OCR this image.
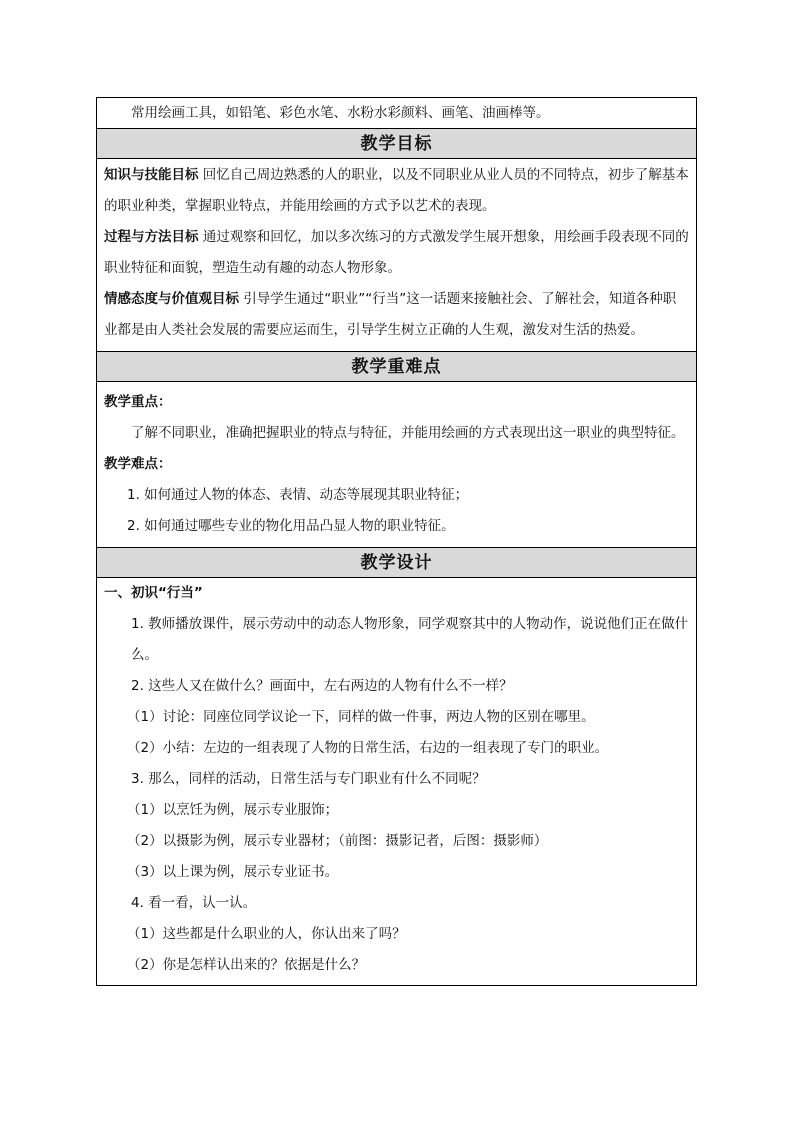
常用绘画工具，如铅笔、彩色水笔、水粉水彩颜料、画笔、油画棒等。
教学目标
知识与技能目标 回忆自己周边熟悉的人的职业，以及不同职业从业人员的不同特点，初步了解基本的职业种类，掌握职业特点，并能用绘画的方式予以艺术的表现。
过程与方法目标 通过观察和回忆，加以多次练习的方式激发学生展开想象，用绘画手段表现不同的职业特征和面貌，塑造生动有趣的动态人物形象。
情感态度与价值观目标 引导学生通过“职业”“行当”这一话题来接触社会、了解社会，知道各种职业都是由人类社会发展的需要应运而生，引导学生树立正确的人生观，激发对生活的热爱。
教学重难点
教学重点：
了解不同职业，准确把握职业的特点与特征，并能用绘画的方式表现出这一职业的典型特征。
教学难点：
1. 如何通过人物的体态、表情、动态等展现其职业特征；
2. 如何通过哪些专业的物化用品凸显人物的职业特征。
教学设计
一、初识“行当”
1. 教师播放课件，展示劳动中的动态人物形象，同学观察其中的人物动作，说说他们正在做什么。
2. 这些人又在做什么？画面中，左右两边的人物有什么不一样？
（1）讨论：同座位同学议论一下，同样的做一件事，两边人物的区别在哪里。
（2）小结：左边的一组表现了人物的日常生活，右边的一组表现了专门的职业。
3. 那么，同样的活动，日常生活与专门职业有什么不同呢？
（1）以烹饪为例，展示专业服饰；
（2）以摄影为例，展示专业器材；（前图：摄影记者，后图：摄影师）
（3）以上课为例，展示专业证书。
4. 看一看，认一认。
（1）这些都是什么职业的人，你认出来了吗？
（2）你是怎样认出来的？依据是什么？
